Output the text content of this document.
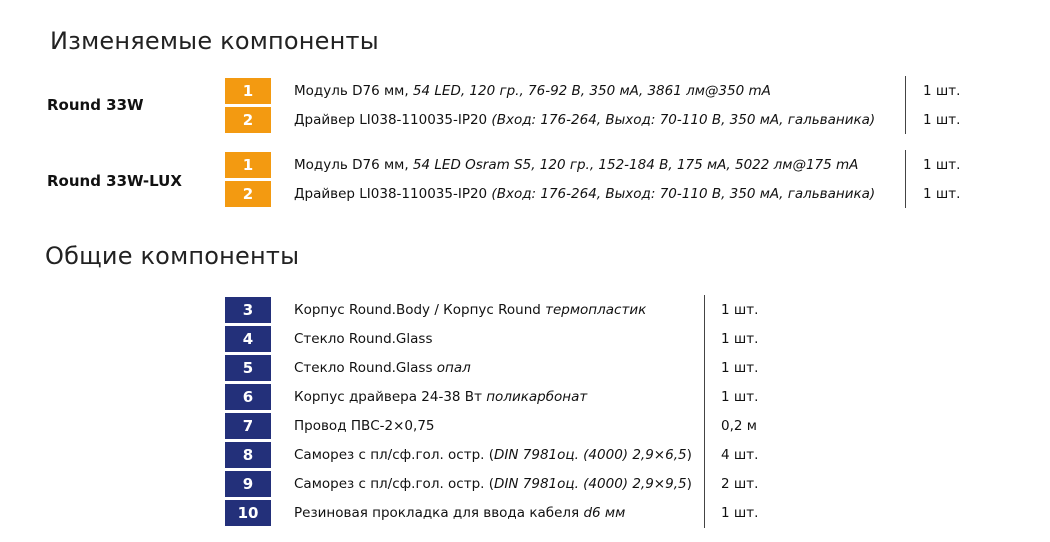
Изменяемые компоненты
Общие компоненты
Round 33W
Round 33W-LUX
1	Модуль D76 мм, 54 LED, 120 гр., 76-92 В, 350 мА, 3861 лм@350 mA	1 шт.
2	Драйвер LI038-110035-IP20 (Вход: 176-264, Выход: 70-110 В, 350 мА, гальваника)	1 шт.
1	Модуль D76 мм, 54 LED Osram S5, 120 гр., 152-184 В, 175 мА, 5022 лм@175 mA	1 шт.
2	Драйвер LI038-110035-IP20 (Вход: 176-264, Выход: 70-110 В, 350 мА, гальваника)	1 шт.
3	Корпус Round.Body / Корпус Round термопластик	1 шт.
4	Стекло Round.Glass	1 шт.
5	Стекло Round.Glass опал	1 шт.
6	Корпус драйвера 24-38 Вт поликарбонат	1 шт.
7	Провод ПВС-2×0,75	0,2 м
8	Саморез с пл/сф.гол. остр. (DIN 7981оц. (4000) 2,9×6,5) 4 шт.
9	Саморез с пл/сф.гол. остр. (DIN 7981оц. (4000) 2,9×9,5) 2 шт.
10	Резиновая прокладка для ввода кабеля d6 мм	1 шт.
